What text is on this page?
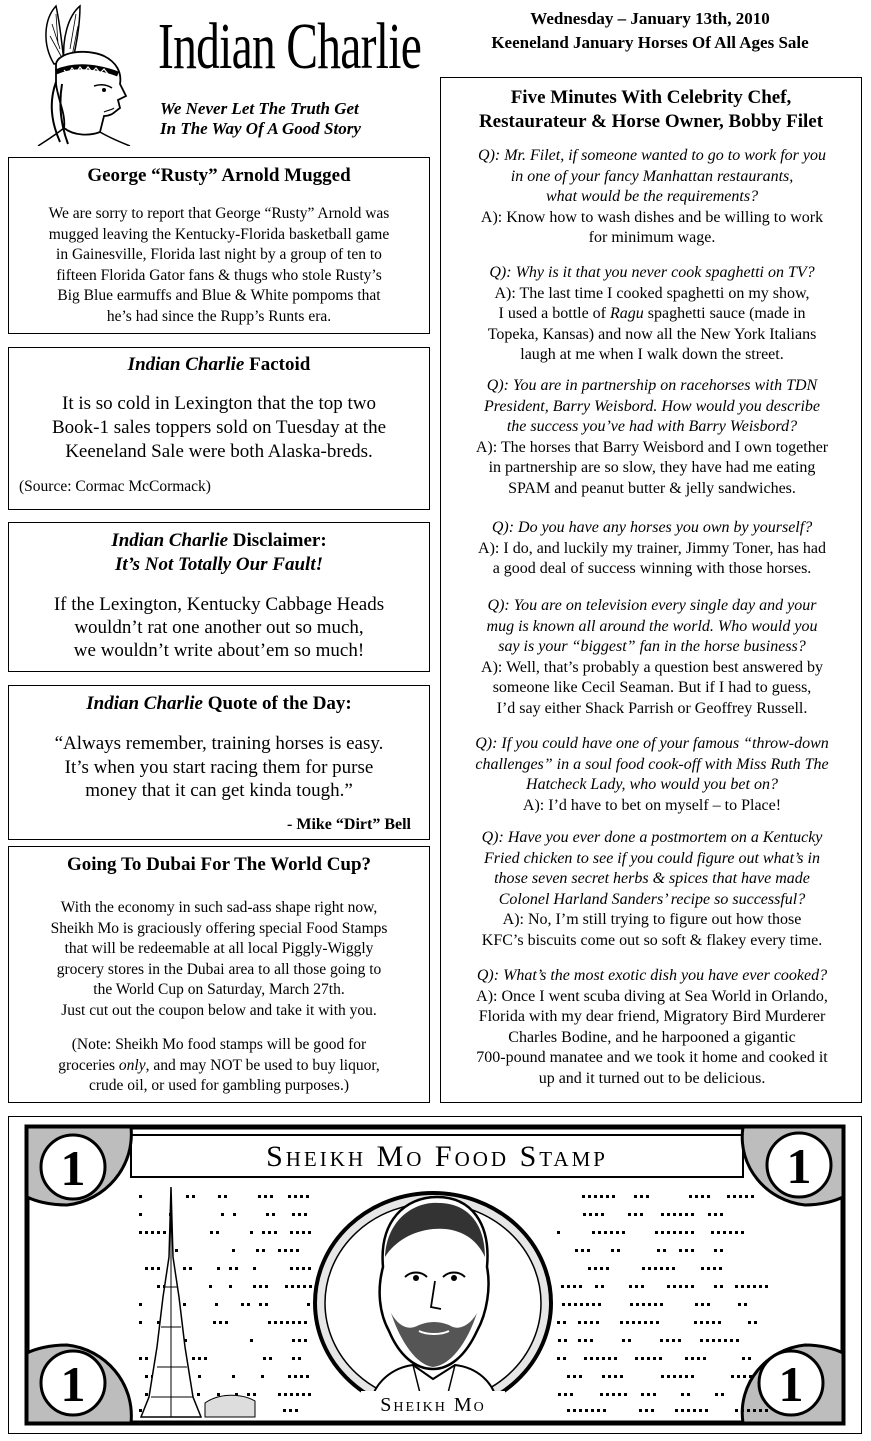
Indian Charlie
We Never Let The Truth Get
In The Way Of A Good Story
Wednesday – January 13th, 2010
Keeneland January Horses Of All Ages Sale
George “Rusty” Arnold Mugged
We are sorry to report that George “Rusty” Arnold was
mugged leaving the Kentucky-Florida basketball game
in Gainesville, Florida last night by a group of ten to
fifteen Florida Gator fans & thugs who stole Rusty’s
Big Blue earmuffs and Blue & White pompoms that
he’s had since the Rupp’s Runts era.
Indian Charlie Factoid
It is so cold in Lexington that the top two
Book-1 sales toppers sold on Tuesday at the
Keeneland Sale were both Alaska-breds.
(Source: Cormac McCormack)
Indian Charlie Disclaimer:
It’s Not Totally Our Fault!
If the Lexington, Kentucky Cabbage Heads
wouldn’t rat one another out so much,
we wouldn’t write about’em so much!
Indian Charlie Quote of the Day:
“Always remember, training horses is easy.
It’s when you start racing them for purse
money that it can get kinda tough.”
- Mike “Dirt” Bell
Going To Dubai For The World Cup?
With the economy in such sad-ass shape right now,
Sheikh Mo is graciously offering special Food Stamps
that will be redeemable at all local Piggly-Wiggly
grocery stores in the Dubai area to all those going to
the World Cup on Saturday, March 27th.
Just cut out the coupon below and take it with you.
(Note: Sheikh Mo food stamps will be good for
groceries only, and may NOT be used to buy liquor,
crude oil, or used for gambling purposes.)
Five Minutes With Celebrity Chef,
Restaurateur & Horse Owner, Bobby Filet
Q): Mr. Filet, if someone wanted to go to work for you
in one of your fancy Manhattan restaurants,
what would be the requirements?
A): Know how to wash dishes and be willing to work
for minimum wage.
Q): Why is it that you never cook spaghetti on TV?
A): The last time I cooked spaghetti on my show,
I used a bottle of Ragu spaghetti sauce (made in
Topeka, Kansas) and now all the New York Italians
laugh at me when I walk down the street.
Q): You are in partnership on racehorses with TDN
President, Barry Weisbord. How would you describe
the success you’ve had with Barry Weisbord?
A): The horses that Barry Weisbord and I own together
in partnership are so slow, they have had me eating
SPAM and peanut butter & jelly sandwiches.
Q): Do you have any horses you own by yourself?
A): I do, and luckily my trainer, Jimmy Toner, has had
a good deal of success winning with those horses.
Q): You are on television every single day and your
mug is known all around the world. Who would you
say is your “biggest” fan in the horse business?
A): Well, that’s probably a question best answered by
someone like Cecil Seaman. But if I had to guess,
I’d say either Shack Parrish or Geoffrey Russell.
Q): If you could have one of your famous “throw-down
challenges” in a soul food cook-off with Miss Ruth The
Hatcheck Lady, who would you bet on?
A): I’d have to bet on myself – to Place!
Q): Have you ever done a postmortem on a Kentucky
Fried chicken to see if you could figure out what’s in
those seven secret herbs & spices that have made
Colonel Harland Sanders’ recipe so successful?
A): No, I’m still trying to figure out how those
KFC’s biscuits come out so soft & flakey every time.
Q): What’s the most exotic dish you have ever cooked?
A): Once I went scuba diving at Sea World in Orlando,
Florida with my dear friend, Migratory Bird Murderer
Charles Bodine, and he harpooned a gigantic
700-pound manatee and we took it home and cooked it
up and it turned out to be delicious.
Sheikh Mo Food Stamp
1	1
1	1
Sheikh Mo
